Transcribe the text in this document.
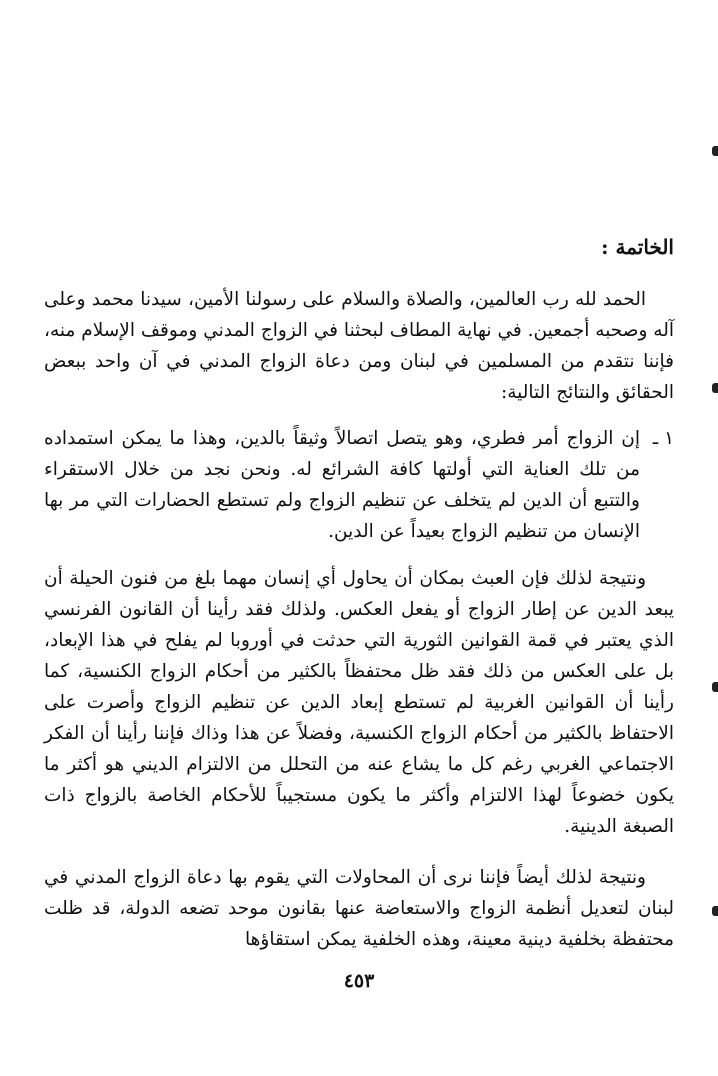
الخاتمة :

الحمد لله رب العالمين، والصلاة والسلام على رسولنا الأمين، سيدنا محمد وعلى آله وصحبه أجمعين. في نهاية المطاف لبحثنا في الزواج المدني وموقف الإسلام منه، فإننا نتقدم من المسلمين في لبنان ومن دعاة الزواج المدني في آن واحد ببعض الحقائق والنتائج التالية:

١ ـ

إن الزواج أمر فطري، وهو يتصل اتصالاً وثيقاً بالدين، وهذا ما يمكن استمداده من تلك العناية التي أولتها كافة الشرائع له. ونحن نجد من خلال الاستقراء والتتبع أن الدين لم يتخلف عن تنظيم الزواج ولم تستطع الحضارات التي مر بها الإنسان من تنظيم الزواج بعيداً عن الدين.

ونتيجة لذلك فإن العبث بمكان أن يحاول أي إنسان مهما بلغ من فنون الحيلة أن يبعد الدين عن إطار الزواج أو يفعل العكس. ولذلك فقد رأينا أن القانون الفرنسي الذي يعتبر في قمة القوانين الثورية التي حدثت في أوروبا لم يفلح في هذا الإبعاد، بل على العكس من ذلك فقد ظل محتفظاً بالكثير من أحكام الزواج الكنسية، كما رأينا أن القوانين الغربية لم تستطع إبعاد الدين عن تنظيم الزواج وأصرت على الاحتفاظ بالكثير من أحكام الزواج الكنسية، وفضلاً عن هذا وذاك فإننا رأينا أن الفكر الاجتماعي الغربي رغم كل ما يشاع عنه من التحلل من الالتزام الديني هو أكثر ما يكون خضوعاً لهذا الالتزام وأكثر ما يكون مستجيباً للأحكام الخاصة بالزواج ذات الصبغة الدينية.

ونتيجة لذلك أيضاً فإننا نرى أن المحاولات التي يقوم بها دعاة الزواج المدني في لبنان لتعديل أنظمة الزواج والاستعاضة عنها بقانون موحد تضعه الدولة، قد ظلت محتفظة بخلفية دينية معينة، وهذه الخلفية يمكن استقاؤها

٤٥٣
